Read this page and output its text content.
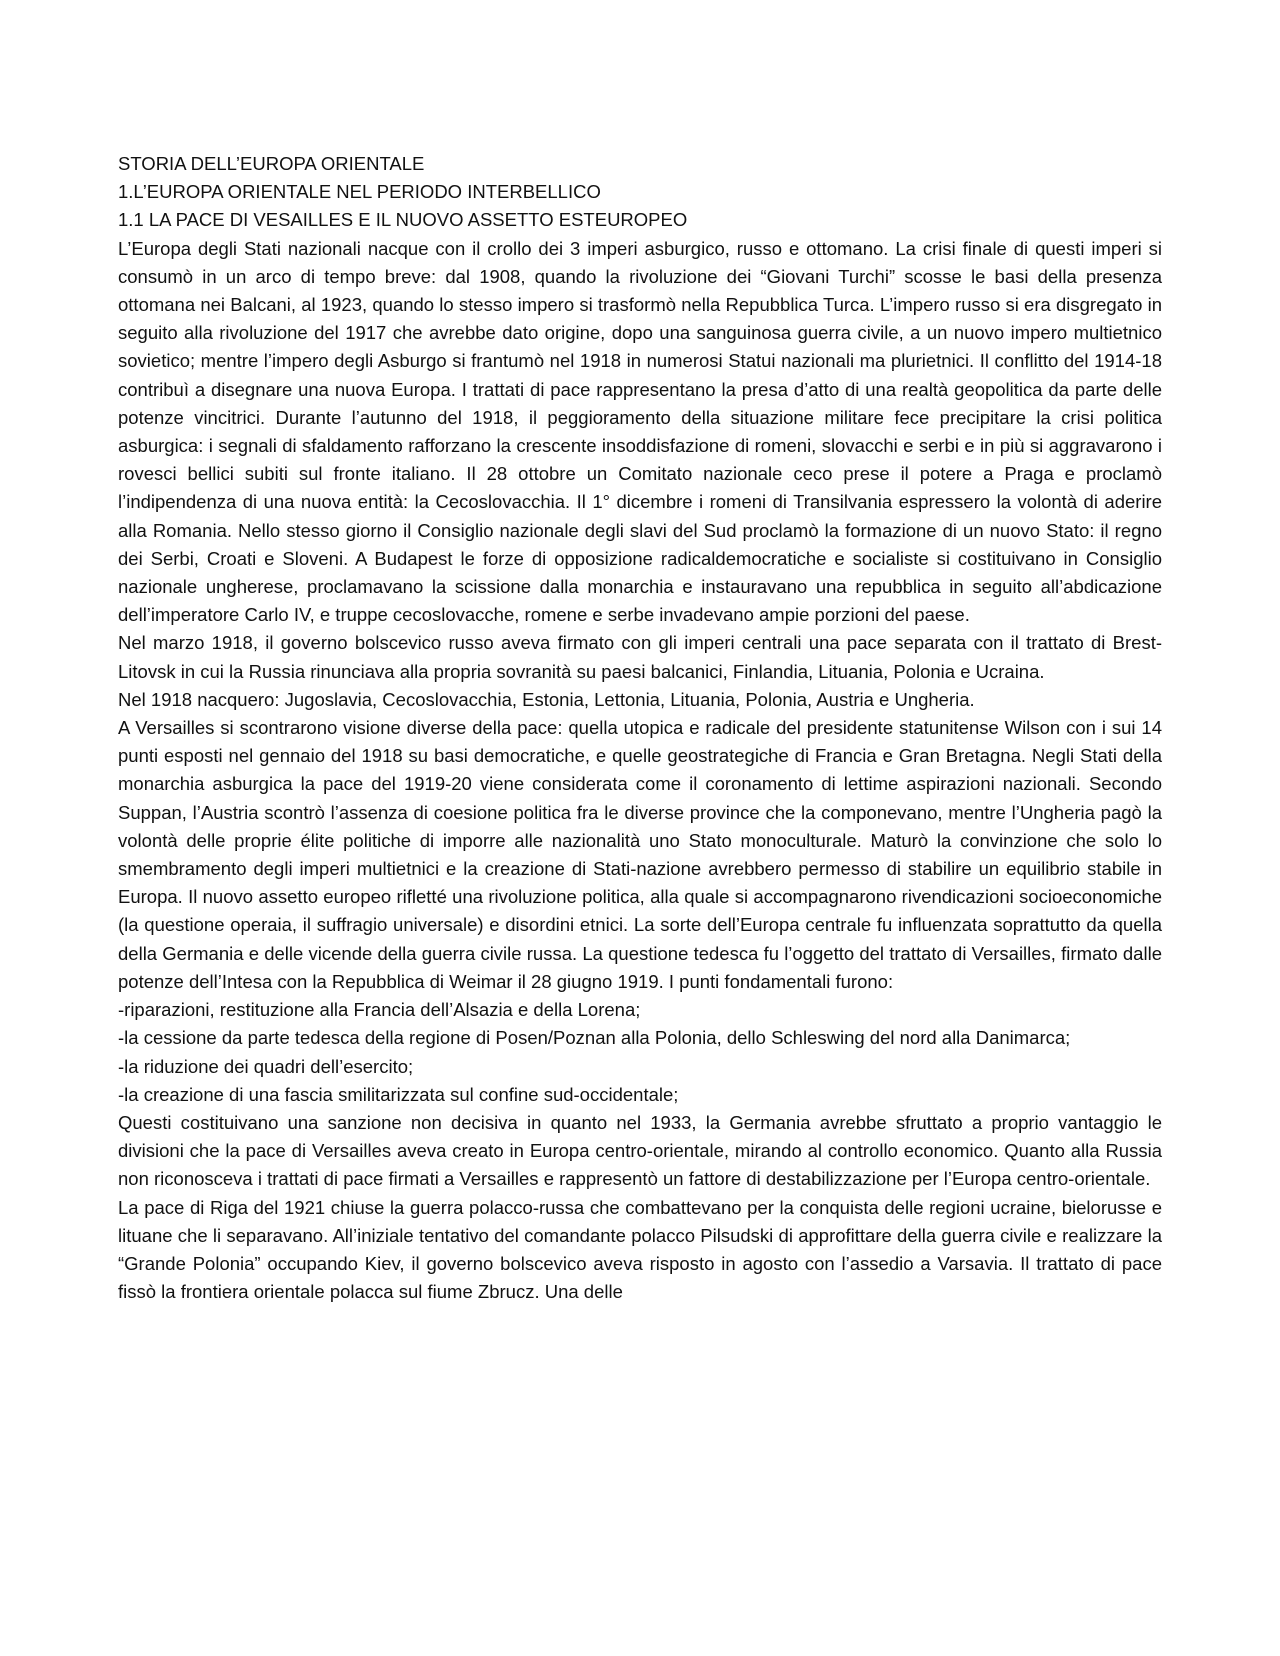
STORIA DELL’EUROPA ORIENTALE
1.L’EUROPA ORIENTALE NEL PERIODO INTERBELLICO
1.1 LA PACE DI VESAILLES E IL NUOVO ASSETTO ESTEUROPEO

L’Europa degli Stati nazionali nacque con il crollo dei 3 imperi asburgico, russo e ottomano. La crisi finale di questi imperi si consumò in un arco di tempo breve: dal 1908, quando la rivoluzione dei “Giovani Turchi” scosse le basi della presenza ottomana nei Balcani, al 1923, quando lo stesso impero si trasformò nella Repubblica Turca. L’impero russo si era disgregato in seguito alla rivoluzione del 1917 che avrebbe dato origine, dopo una sanguinosa guerra civile, a un nuovo impero multietnico sovietico; mentre l’impero degli Asburgo si frantumò nel 1918 in numerosi Statui nazionali ma plurietnici. Il conflitto del 1914-18 contribuì a disegnare una nuova Europa. I trattati di pace rappresentano la presa d’atto di una realtà geopolitica da parte delle potenze vincitrici. Durante l’autunno del 1918, il peggioramento della situazione militare fece precipitare la crisi politica asburgica: i segnali di sfaldamento rafforzano la crescente insoddisfazione di romeni, slovacchi e serbi e in più si aggravarono i rovesci bellici subiti sul fronte italiano. Il 28 ottobre un Comitato nazionale ceco prese il potere a Praga e proclamò l’indipendenza di una nuova entità: la Cecoslovacchia. Il 1° dicembre i romeni di Transilvania espressero la volontà di aderire alla Romania. Nello stesso giorno il Consiglio nazionale degli slavi del Sud proclamò la formazione di un nuovo Stato: il regno dei Serbi, Croati e Sloveni. A Budapest le forze di opposizione radicaldemocratiche e socialiste si costituivano in Consiglio nazionale ungherese, proclamavano la scissione dalla monarchia e instauravano una repubblica in seguito all’abdicazione dell’imperatore Carlo IV, e truppe cecoslovacche, romene e serbe invadevano ampie porzioni del paese.

Nel marzo 1918, il governo bolscevico russo aveva firmato con gli imperi centrali una pace separata con il trattato di Brest-Litovsk in cui la Russia rinunciava alla propria sovranità su paesi balcanici, Finlandia, Lituania, Polonia e Ucraina.

Nel 1918 nacquero: Jugoslavia, Cecoslovacchia, Estonia, Lettonia, Lituania, Polonia, Austria e Ungheria.

A Versailles si scontrarono visione diverse della pace: quella utopica e radicale del presidente statunitense Wilson con i sui 14 punti esposti nel gennaio del 1918 su basi democratiche, e quelle geostrategiche di Francia e Gran Bretagna. Negli Stati della monarchia asburgica la pace del 1919-20 viene considerata come il coronamento di lettime aspirazioni nazionali. Secondo Suppan, l’Austria scontrò l’assenza di coesione politica fra le diverse province che la componevano, mentre l’Ungheria pagò la volontà delle proprie élite politiche di imporre alle nazionalità uno Stato monoculturale. Maturò la convinzione che solo lo smembramento degli imperi multietnici e la creazione di Stati-nazione avrebbero permesso di stabilire un equilibrio stabile in Europa. Il nuovo assetto europeo rifletté una rivoluzione politica, alla quale si accompagnarono rivendicazioni socioeconomiche (la questione operaia, il suffragio universale) e disordini etnici. La sorte dell’Europa centrale fu influenzata soprattutto da quella della Germania e delle vicende della guerra civile russa. La questione tedesca fu l’oggetto del trattato di Versailles, firmato dalle potenze dell’Intesa con la Repubblica di Weimar il 28 giugno 1919. I punti fondamentali furono:

-riparazioni, restituzione alla Francia dell’Alsazia e della Lorena;

-la cessione da parte tedesca della regione di Posen/Poznan alla Polonia, dello Schleswing del nord alla Danimarca;

-la riduzione dei quadri dell’esercito;

-la creazione di una fascia smilitarizzata sul confine sud-occidentale;

Questi costituivano una sanzione non decisiva in quanto nel 1933, la Germania avrebbe sfruttato a proprio vantaggio le divisioni che la pace di Versailles aveva creato in Europa centro-orientale, mirando al controllo economico. Quanto alla Russia non riconosceva i trattati di pace firmati a Versailles e rappresentò un fattore di destabilizzazione per l’Europa centro-orientale.

La pace di Riga del 1921 chiuse la guerra polacco-russa che combattevano per la conquista delle regioni ucraine, bielorusse e lituane che li separavano. All’iniziale tentativo del comandante polacco Pilsudski di approfittare della guerra civile e realizzare la “Grande Polonia” occupando Kiev, il governo bolscevico aveva risposto in agosto con l’assedio a Varsavia. Il trattato di pace fissò la frontiera orientale polacca sul fiume Zbrucz. Una delle
